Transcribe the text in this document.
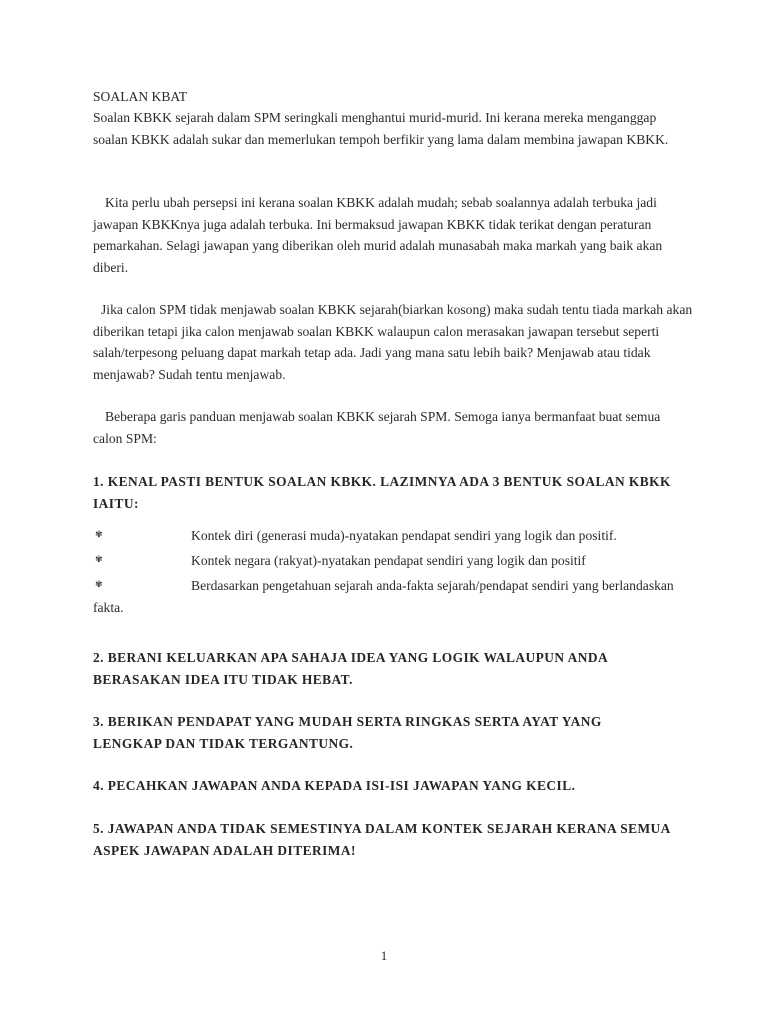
SOALAN KBAT

Soalan KBKK sejarah dalam SPM seringkali menghantui murid-murid. Ini kerana mereka menganggap soalan KBKK adalah sukar dan memerlukan tempoh berfikir yang lama dalam membina jawapan KBKK.

Kita perlu ubah persepsi ini kerana soalan KBKK adalah mudah; sebab soalannya adalah terbuka jadi jawapan KBKKnya juga adalah terbuka. Ini bermaksud jawapan KBKK tidak terikat dengan peraturan pemarkahan. Selagi jawapan yang diberikan oleh murid adalah munasabah maka markah yang baik akan diberi.

Jika calon SPM tidak menjawab soalan KBKK sejarah(biarkan kosong) maka sudah tentu tiada markah akan diberikan tetapi jika calon menjawab soalan KBKK walaupun calon merasakan jawapan tersebut seperti salah/terpesong peluang dapat markah tetap ada. Jadi yang mana satu lebih baik? Menjawab atau tidak menjawab? Sudah tentu menjawab.

Beberapa garis panduan menjawab soalan KBKK sejarah SPM. Semoga ianya bermanfaat buat semua calon SPM:

1. KENAL PASTI BENTUK SOALAN KBKK. LAZIMNYA ADA 3 BENTUK SOALAN KBKK IAITU:

✾	Kontek diri (generasi muda)-nyatakan pendapat sendiri yang logik dan positif.
✾	Kontek negara (rakyat)-nyatakan pendapat sendiri yang logik dan positif
✾	Berdasarkan pengetahuan sejarah anda-fakta sejarah/pendapat sendiri yang berlandaskan fakta.

2. BERANI KELUARKAN APA SAHAJA IDEA YANG LOGIK WALAUPUN ANDA BERASAKAN IDEA ITU TIDAK HEBAT.

3. BERIKAN PENDAPAT YANG MUDAH SERTA RINGKAS SERTA AYAT YANG LENGKAP DAN TIDAK TERGANTUNG.

4. PECAHKAN JAWAPAN ANDA KEPADA ISI-ISI JAWAPAN YANG KECIL.

5. JAWAPAN ANDA TIDAK SEMESTINYA DALAM KONTEK SEJARAH KERANA SEMUA ASPEK JAWAPAN ADALAH DITERIMA!

1
